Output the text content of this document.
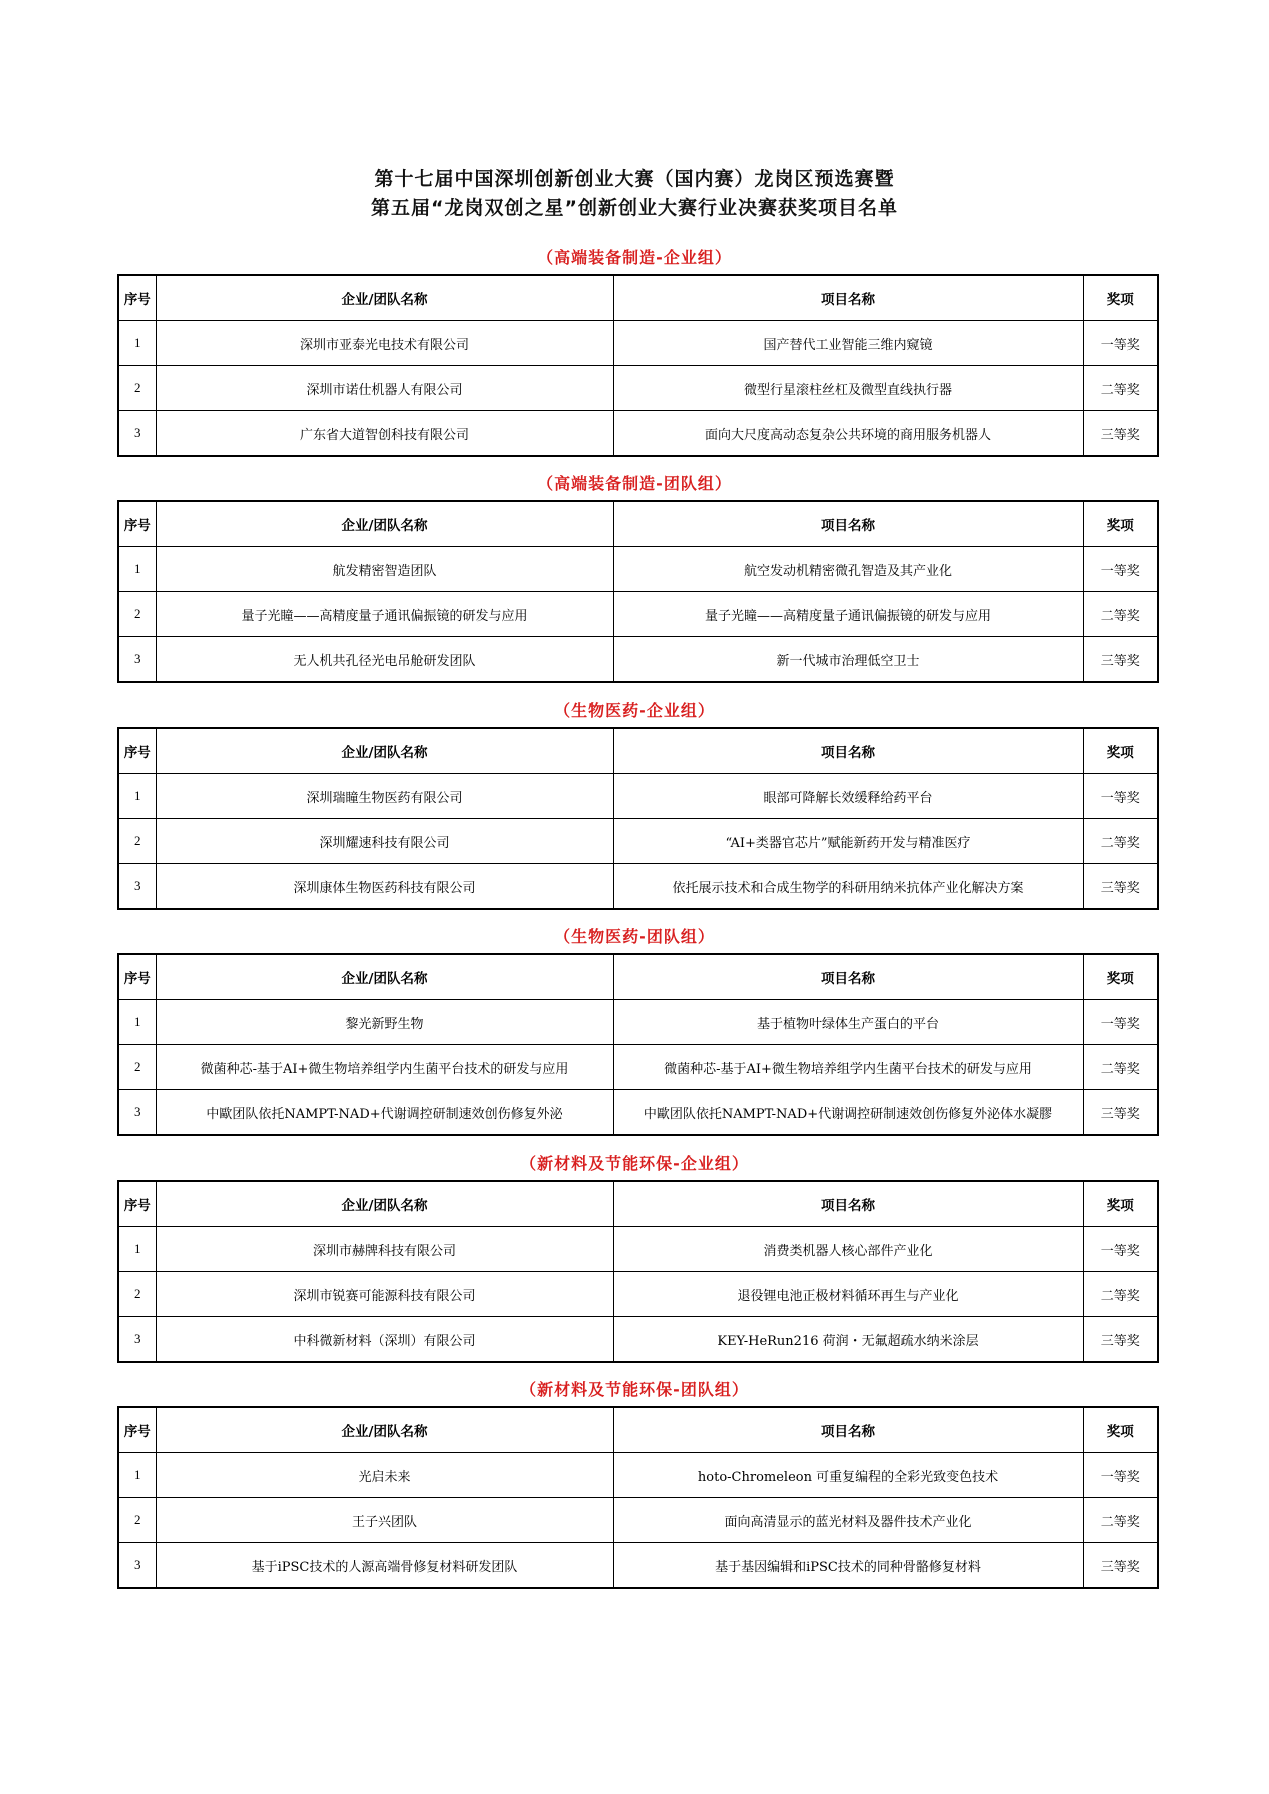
第十七届中国深圳创新创业大赛（国内赛）龙岗区预选赛暨
第五届“龙岗双创之星”创新创业大赛行业决赛获奖项目名单
（高端装备制造-企业组）
序号	企业/团队名称	项目名称	奖项
1	深圳市亚泰光电技术有限公司	国产替代工业智能三维内窥镜	一等奖
2	深圳市诺仕机器人有限公司	微型行星滚柱丝杠及微型直线执行器	二等奖
3	广东省大道智创科技有限公司	面向大尺度高动态复杂公共环境的商用服务机器人	三等奖
（高端装备制造-团队组）
序号	企业/团队名称	项目名称	奖项
1	航发精密智造团队	航空发动机精密微孔智造及其产业化	一等奖
2	量子光瞳——高精度量子通讯偏振镜的研发与应用	量子光瞳——高精度量子通讯偏振镜的研发与应用	二等奖
3	无人机共孔径光电吊舱研发团队	新一代城市治理低空卫士	三等奖
（生物医药-企业组）
序号	企业/团队名称	项目名称	奖项
1	深圳瑞瞳生物医药有限公司	眼部可降解长效缓释给药平台	一等奖
2	深圳耀速科技有限公司	“AI+类器官芯片”赋能新药开发与精准医疗	二等奖
3	深圳康体生物医药科技有限公司	依托展示技术和合成生物学的科研用纳米抗体产业化解决方案	三等奖
（生物医药-团队组）
序号	企业/团队名称	项目名称	奖项
1	黎光新野生物	基于植物叶绿体生产蛋白的平台	一等奖
2	微菌种芯-基于AI+微生物培养组学内生菌平台技术的研发与应用	微菌种芯-基于AI+微生物培养组学内生菌平台技术的研发与应用	二等奖
3	中歐团队依托NAMPT-NAD+代谢调控研制速效创伤修复外泌	中歐团队依托NAMPT-NAD+代谢调控研制速效创伤修复外泌体水凝膠	三等奖
（新材料及节能环保-企业组）
序号	企业/团队名称	项目名称	奖项
1	深圳市赫牌科技有限公司	消费类机器人核心部件产业化	一等奖
2	深圳市锐赛可能源科技有限公司	退役锂电池正极材料循环再生与产业化	二等奖
3	中科微新材料（深圳）有限公司	KEY-HeRun216 荷润・无氟超疏水纳米涂层	三等奖
（新材料及节能环保-团队组）
序号	企业/团队名称	项目名称	奖项
1	光启未来	hoto-Chromeleon 可重复编程的全彩光致变色技术	一等奖
2	王子兴团队	面向高清显示的蓝光材料及器件技术产业化	二等奖
3	基于iPSC技术的人源高端骨修复材料研发团队	基于基因编辑和iPSC技术的同种骨骼修复材料	三等奖
